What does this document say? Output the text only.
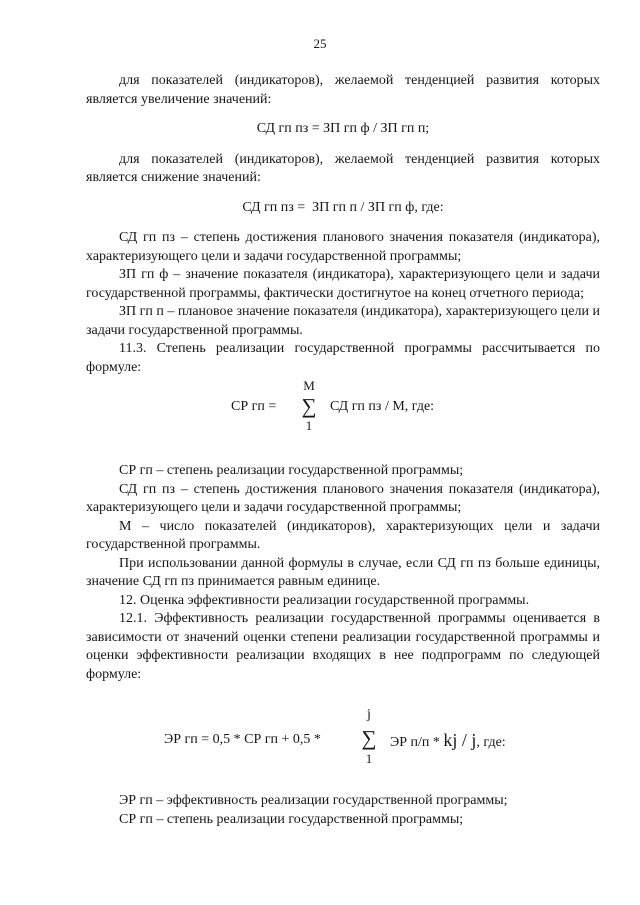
25

для показателей (индикаторов), желаемой тенденцией развития которых является увеличение значений:

СД гп пз = ЗП гп ф / ЗП гп п;

для показателей (индикаторов), желаемой тенденцией развития которых является снижение значений:

СД гп пз =  ЗП гп п / ЗП гп ф, где:

СД гп пз – степень достижения планового значения показателя (индикатора), характеризующего цели и задачи государственной программы;

ЗП гп ф – значение показателя (индикатора), характеризующего цели и задачи государственной программы, фактически достигнутое на конец отчетного периода;

ЗП гп п – плановое значение показателя (индикатора), характеризующего цели и задачи государственной программы.

11.3. Степень реализации государственной программы рассчитывается по формуле:

СР гп =
М
∑
1
СД гп пз / М, где:

СР гп – степень реализации государственной программы;

СД гп пз – степень достижения планового значения показателя (индикатора), характеризующего цели и задачи государственной программы;

М – число показателей (индикаторов), характеризующих цели и задачи государственной программы.

При использовании данной формулы в случае, если СД гп пз больше единицы, значение СД гп пз принимается равным единице.

12. Оценка эффективности реализации государственной программы.

12.1. Эффективность реализации государственной программы оценивается в зависимости от значений оценки степени реализации государственной программы и оценки эффективности реализации входящих в нее подпрограмм по следующей формуле:

ЭР гп = 0,5 * СР гп + 0,5 *
j
∑
1
ЭР п/п * kj / j, где:

ЭР гп – эффективность реализации государственной программы;

СР гп – степень реализации государственной программы;
